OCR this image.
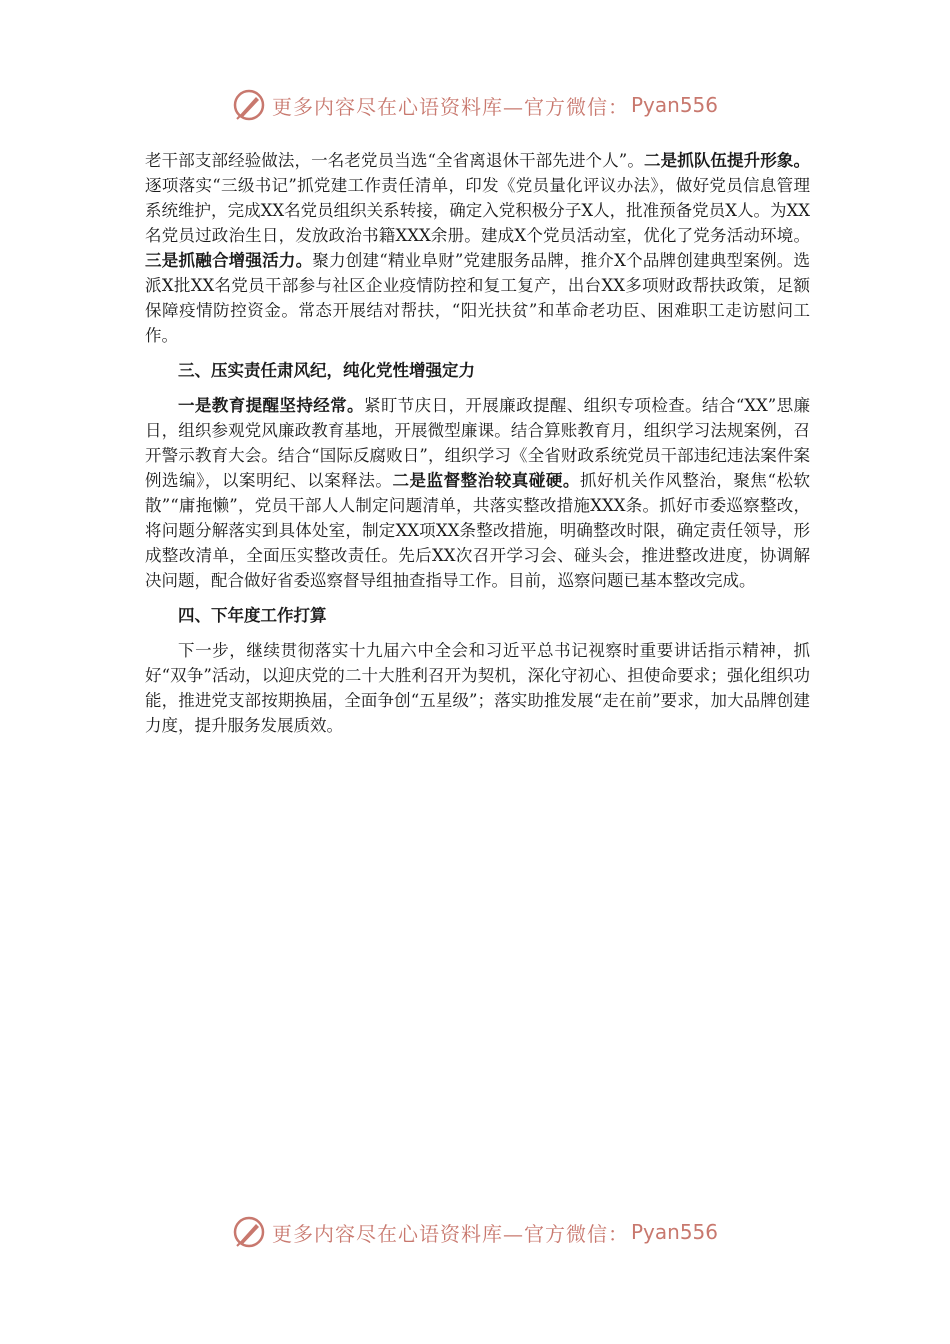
更多内容尽在心语资料库—官方微信： Pyan556

老干部支部经验做法，一名老党员当选“全省离退休干部先进个人”。二是抓队伍提升形象。逐项落实“三级书记”抓党建工作责任清单，印发《党员量化评议办法》，做好党员信息管理系统维护，完成XX名党员组织关系转接，确定入党积极分子X人，批准预备党员X人。为XX名党员过政治生日，发放政治书籍XXX余册。建成X个党员活动室，优化了党务活动环境。三是抓融合增强活力。聚力创建“精业阜财”党建服务品牌，推介X个品牌创建典型案例。选派X批XX名党员干部参与社区企业疫情防控和复工复产，出台XX多项财政帮扶政策，足额保障疫情防控资金。常态开展结对帮扶，“阳光扶贫”和革命老功臣、困难职工走访慰问工作。

三、压实责任肃风纪，纯化党性增强定力

一是教育提醒坚持经常。紧盯节庆日，开展廉政提醒、组织专项检查。结合“XX”思廉日，组织参观党风廉政教育基地，开展微型廉课。结合算账教育月，组织学习法规案例，召开警示教育大会。结合“国际反腐败日”，组织学习《全省财政系统党员干部违纪违法案件案例选编》，以案明纪、以案释法。二是监督整治较真碰硬。抓好机关作风整治，聚焦“松软散”“庸拖懒”，党员干部人人制定问题清单，共落实整改措施XXX条。抓好市委巡察整改，将问题分解落实到具体处室，制定XX项XX条整改措施，明确整改时限，确定责任领导，形成整改清单，全面压实整改责任。先后XX次召开学习会、碰头会，推进整改进度，协调解决问题，配合做好省委巡察督导组抽查指导工作。目前，巡察问题已基本整改完成。

四、下年度工作打算

下一步，继续贯彻落实十九届六中全会和习近平总书记视察时重要讲话指示精神，抓好“双争”活动，以迎庆党的二十大胜利召开为契机，深化守初心、担使命要求；强化组织功能，推进党支部按期换届，全面争创“五星级”；落实助推发展“走在前”要求，加大品牌创建力度，提升服务发展质效。

更多内容尽在心语资料库—官方微信： Pyan556
